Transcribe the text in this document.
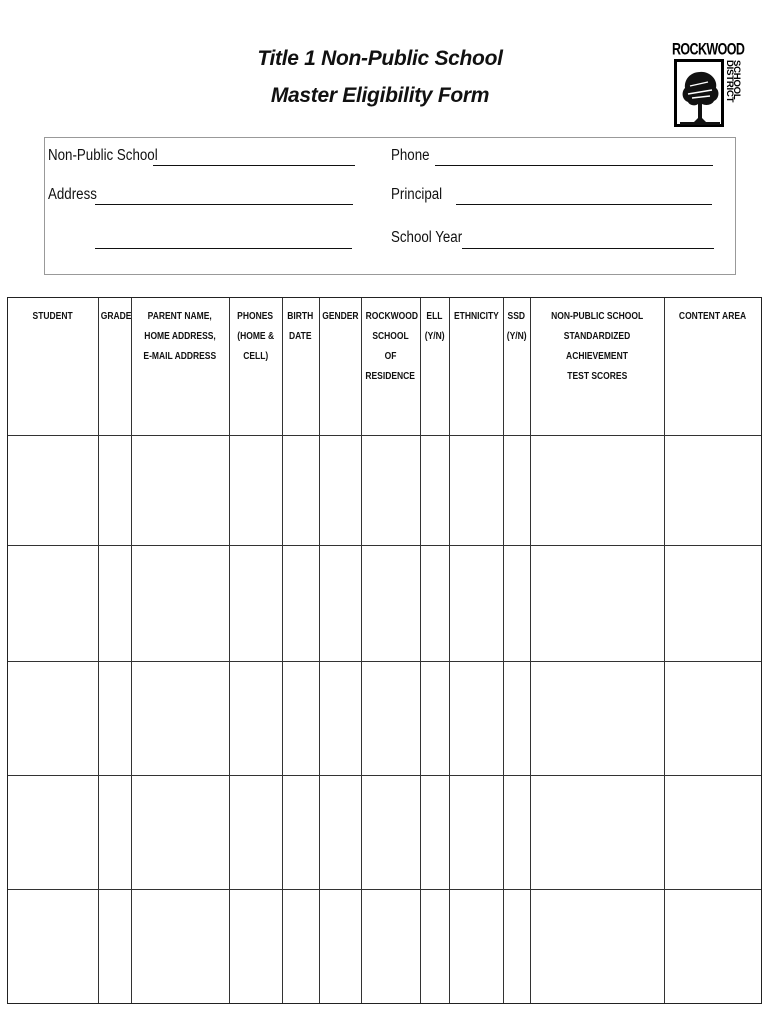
Title 1 Non-Public School
Master Eligibility Form
ROCKWOOD
SCHOOL DISTRICT
Non-Public School
Address
Phone
Principal
School Year
STUDENT	GRADE	PARENT NAME,
HOME ADDRESS,
E-MAIL ADDRESS
PHONES
(HOME &
CELL)
BIRTH
DATE
GENDER ROCKWOOD
SCHOOL OF
RESIDENCE
ELL
(Y/N)
ETHNICITY SSD
(Y/N)
NON-PUBLIC SCHOOL
STANDARDIZED ACHIEVEMENT
TEST SCORES
CONTENT AREA
